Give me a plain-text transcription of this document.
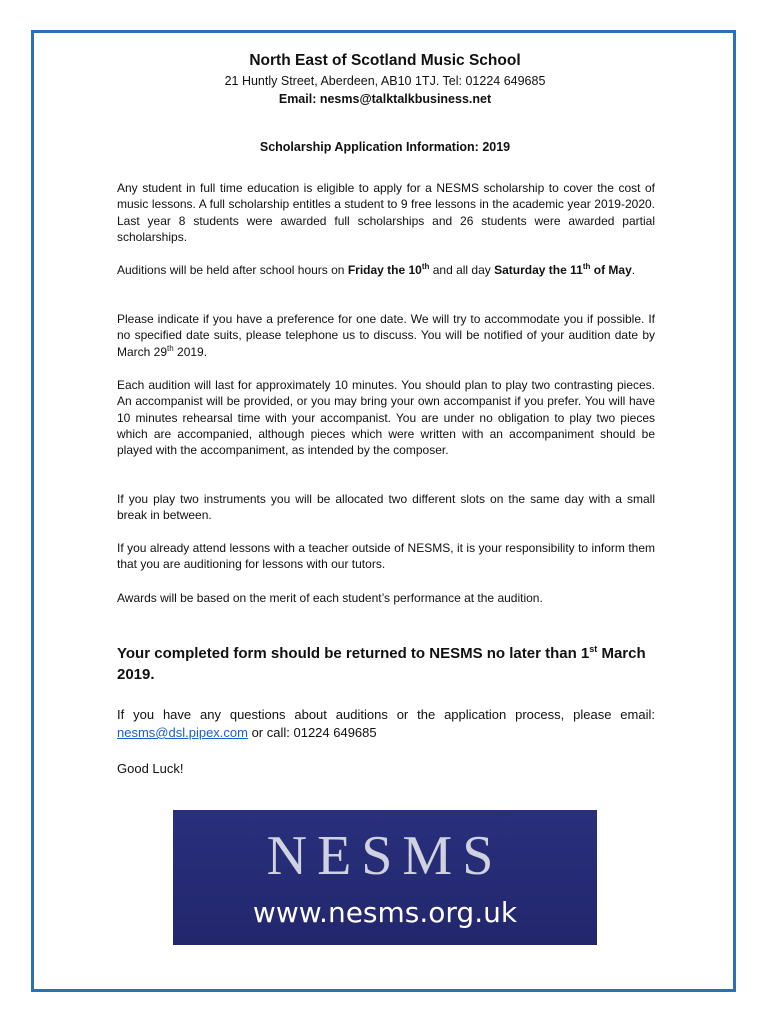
North East of Scotland Music School
21 Huntly Street, Aberdeen, AB10 1TJ. Tel: 01224 649685
Email: nesms@talktalkbusiness.net
Scholarship Application Information: 2019

Any student in full time education is eligible to apply for a NESMS scholarship to cover the cost of music lessons. A full scholarship entitles a student to 9 free lessons in the academic year 2019-2020. Last year 8 students were awarded full scholarships and 26 students were awarded partial scholarships.

Auditions will be held after school hours on Friday the 10th and all day Saturday the 11th of May.

Please indicate if you have a preference for one date. We will try to accommodate you if possible. If no specified date suits, please telephone us to discuss. You will be notified of your audition date by March 29th 2019.

Each audition will last for approximately 10 minutes. You should plan to play two contrasting pieces. An accompanist will be provided, or you may bring your own accompanist if you prefer. You will have 10 minutes rehearsal time with your accompanist. You are under no obligation to play two pieces which are accompanied, although pieces which were written with an accompaniment should be played with the accompaniment, as intended by the composer.

If you play two instruments you will be allocated two different slots on the same day with a small break in between.

If you already attend lessons with a teacher outside of NESMS, it is your responsibility to inform them that you are auditioning for lessons with our tutors.

Awards will be based on the merit of each student’s performance at the audition.

Your completed form should be returned to NESMS no later than 1st March 2019.

If you have any questions about auditions or the application process, please email: nesms@dsl.pipex.com or call: 01224 649685

Good Luck!

NESMS
www.nesms.org.uk
